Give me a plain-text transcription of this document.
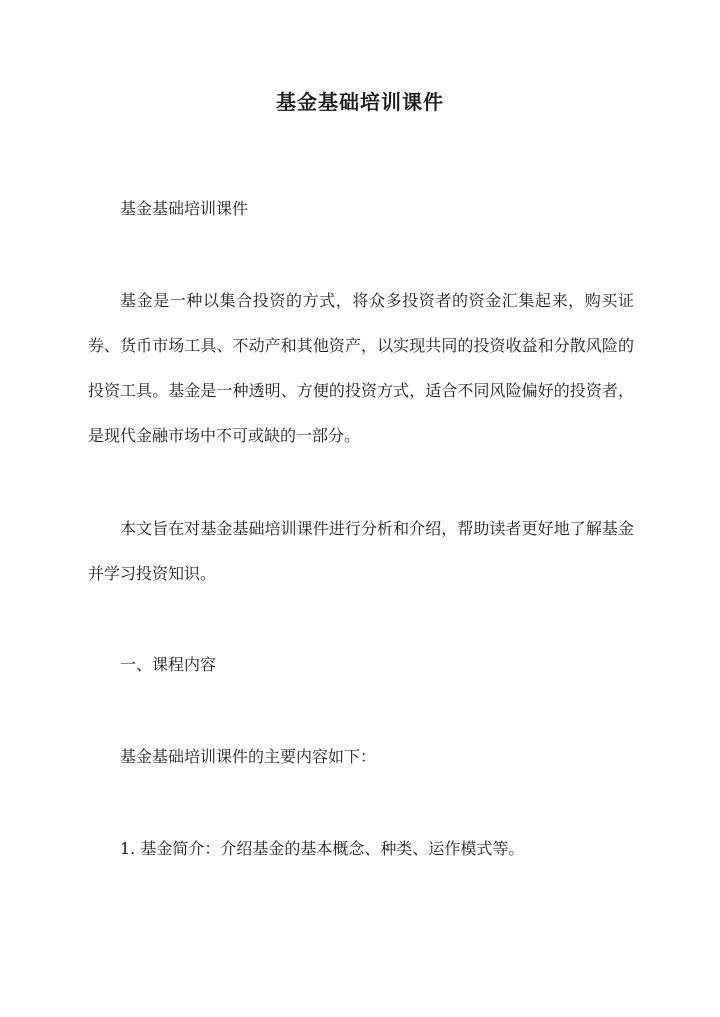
基金基础培训课件

基金基础培训课件

基金是一种以集合投资的方式，将众多投资者的资金汇集起来，购买证券、货币市场工具、不动产和其他资产，以实现共同的投资收益和分散风险的投资工具。基金是一种透明、方便的投资方式，适合不同风险偏好的投资者，是现代金融市场中不可或缺的一部分。

本文旨在对基金基础培训课件进行分析和介绍，帮助读者更好地了解基金并学习投资知识。

一、课程内容

基金基础培训课件的主要内容如下：

1. 基金简介：介绍基金的基本概念、种类、运作模式等。
